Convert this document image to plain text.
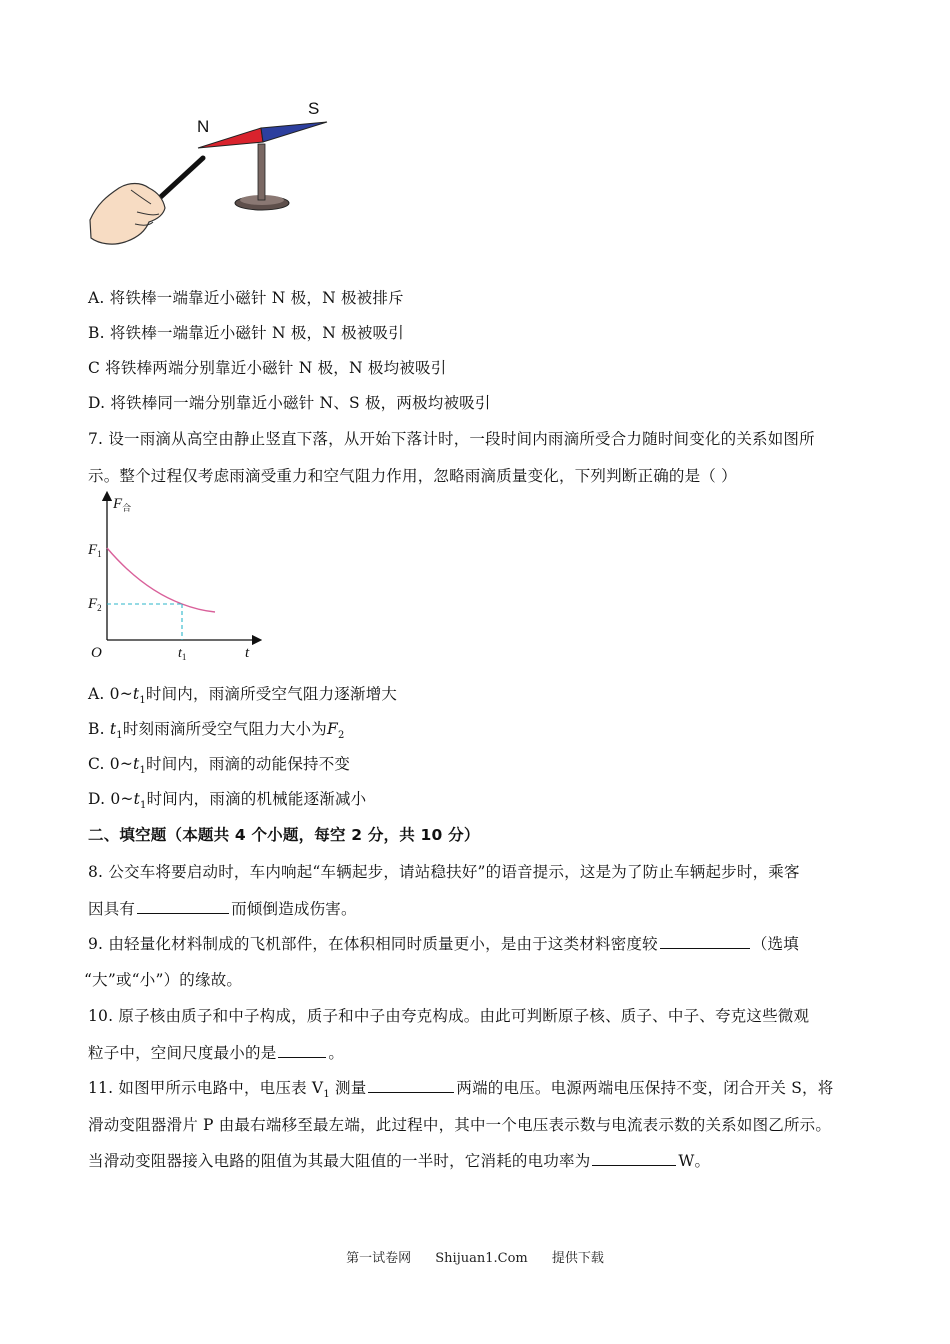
N
S
A. 将铁棒一端靠近小磁针 N 极，N 极被排斥
B. 将铁棒一端靠近小磁针 N 极，N 极被吸引
C 将铁棒两端分别靠近小磁针 N 极，N 极均被吸引
D. 将铁棒同一端分别靠近小磁针 N、S 极，两极均被吸引
7. 设一雨滴从高空由静止竖直下落，从开始下落计时，一段时间内雨滴所受合力随时间变化的关系如图所
示。整个过程仅考虑雨滴受重力和空气阻力作用，忽略雨滴质量变化，下列判断正确的是（ ）
$F_合$
$F_1$
$F_2$
O	$t_1$	t
A. $0\sim t_1$时间内，雨滴所受空气阻力逐渐增大
B. $t_1$时刻雨滴所受空气阻力大小为$F_2$
C. $0\sim t_1$时间内，雨滴的动能保持不变
D. $0\sim t_1$时间内，雨滴的机械能逐渐减小
二、填空题（本题共 4 个小题，每空 2 分，共 10 分）
8. 公交车将要启动时，车内响起“车辆起步，请站稳扶好”的语音提示，这是为了防止车辆起步时，乘客
因具有	而倾倒造成伤害。
9. 由轻量化材料制成的飞机部件，在体积相同时质量更小，是由于这类材料密度较	（选填
“大”或“小”）的缘故。
10. 原子核由质子和中子构成，质子和中子由夸克构成。由此可判断原子核、质子、中子、夸克这些微观
粒子中，空间尺度最小的是	。
11. 如图甲所示电路中，电压表 $V_1$ 测量	两端的电压。电源两端电压保持不变，闭合开关 S，将
滑动变阻器滑片 P 由最右端移至最左端，此过程中，其中一个电压表示数与电流表示数的关系如图乙所示。
当滑动变阻器接入电路的阻值为其最大阻值的一半时，它消耗的电功率为	W。
第一试卷网 Shijuan1.Com 提供下载
